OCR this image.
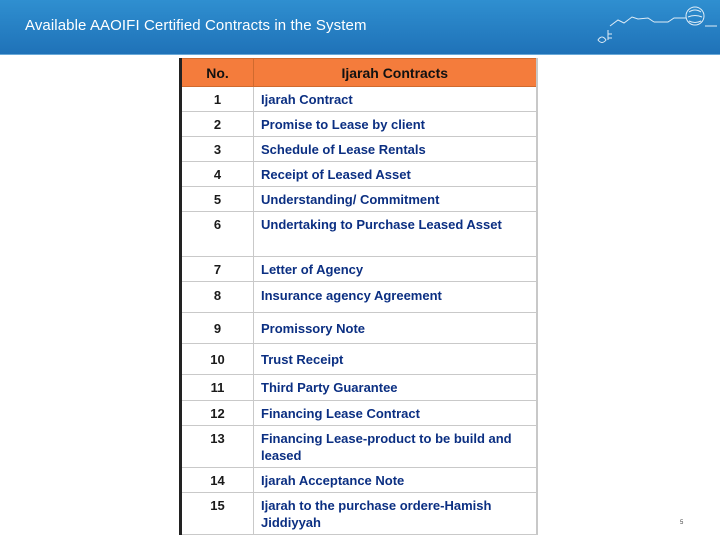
Available AAOIFI Certified Contracts in the System
No.	Ijarah Contracts
1	Ijarah Contract
2	Promise to Lease by client
3	Schedule of Lease Rentals
4	Receipt of Leased Asset
5	Understanding/ Commitment
6	Undertaking to Purchase Leased Asset
7	Letter of Agency
8	Insurance agency Agreement
9	Promissory Note
10	Trust Receipt
11	Third Party Guarantee
12	Financing Lease Contract
13	Financing Lease-product to be build and leased
14	Ijarah Acceptance Note
15	Ijarah to the purchase ordere-Hamish Jiddiyyah	5
